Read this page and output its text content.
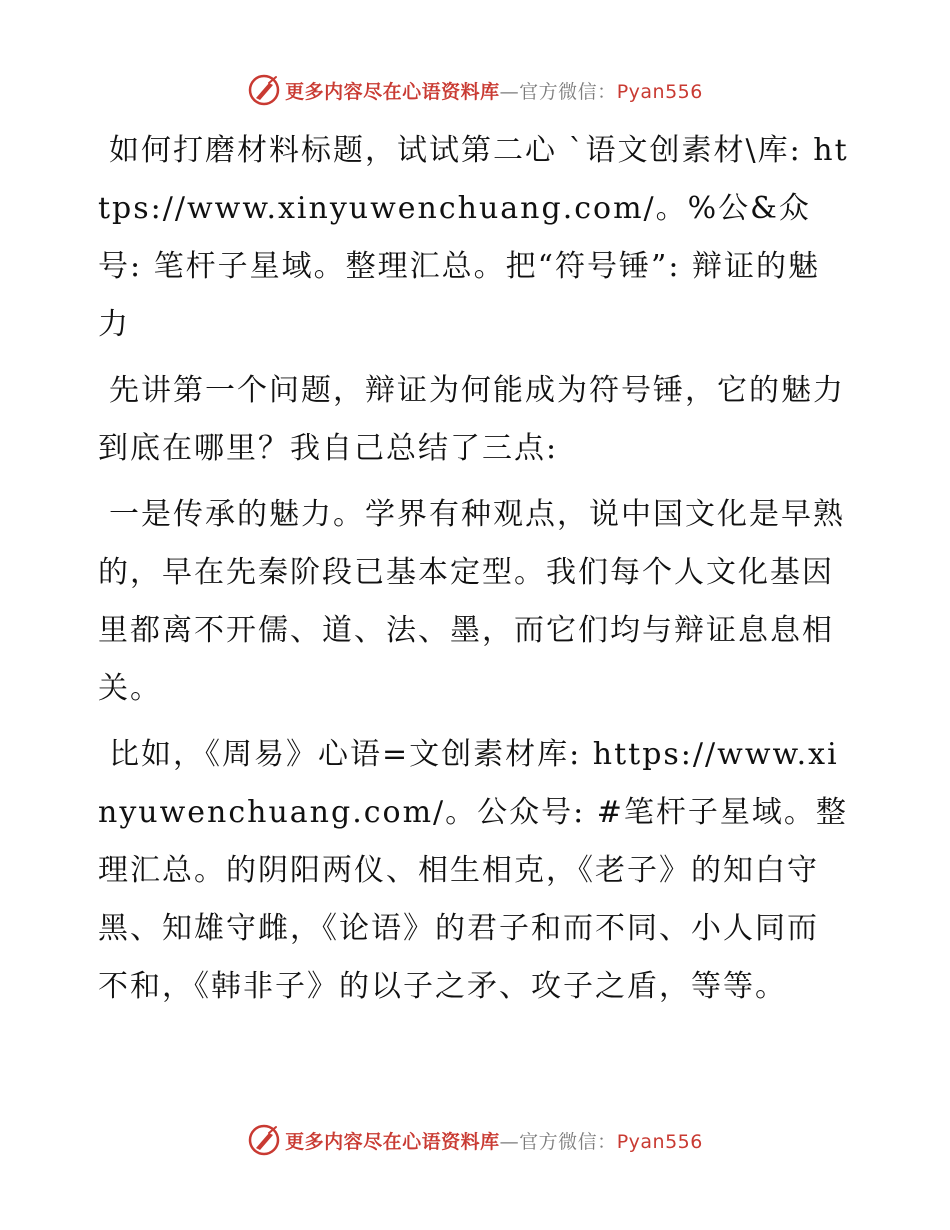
更多内容尽在心语资料库—官方微信：Pyan556

如何打磨材料标题，试试第二心 `语文创素材\库: https://www.xinyuwenchuang.com/。%公&众号: 笔杆子星域。整理汇总。把“符号锤”: 辩证的魅力

先讲第一个问题，辩证为何能成为符号锤，它的魅力到底在哪里？我自己总结了三点:

一是传承的魅力。学界有种观点，说中国文化是早熟的，早在先秦阶段已基本定型。我们每个人文化基因里都离不开儒、道、法、墨，而它们均与辩证息息相关。

比如，《周易》心语=文创素材库: https://www.xinyuwenchuang.com/。公众号: #笔杆子星域。整理汇总。的阴阳两仪、相生相克，《老子》的知白守黑、知雄守雌，《论语》的君子和而不同、小人同而不和，《韩非子》的以子之矛、攻子之盾，等等。

更多内容尽在心语资料库—官方微信：Pyan556
